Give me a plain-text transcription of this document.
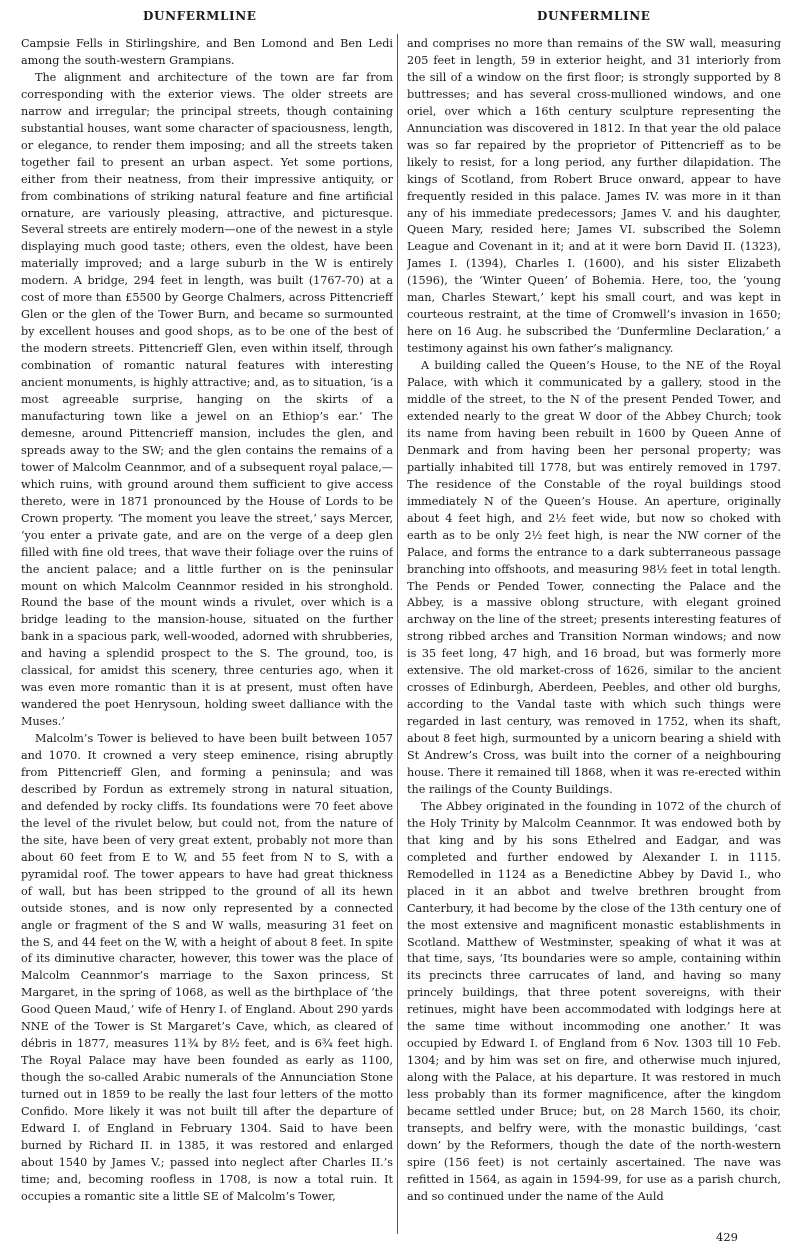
DUNFERMLINE	DUNFERMLINE

Campsie Fells in Stirlingshire, and Ben Lomond and Ben Ledi among the south-western Grampians.

The alignment and architecture of the town are far from corresponding with the exterior views. The older streets are narrow and irregular; the principal streets, though containing substantial houses, want some character of spaciousness, length, or elegance, to render them imposing; and all the streets taken together fail to present an urban aspect. Yet some portions, either from their neatness, from their impressive antiquity, or from combinations of striking natural feature and fine artificial ornature, are variously pleasing, attractive, and picturesque. Several streets are entirely modern—one of the newest in a style displaying much good taste; others, even the oldest, have been materially improved; and a large suburb in the W is entirely modern. A bridge, 294 feet in length, was built (1767-70) at a cost of more than £5500 by George Chalmers, across Pittencrieff Glen or the glen of the Tower Burn, and became so surmounted by excellent houses and good shops, as to be one of the best of the modern streets. Pittencrieff Glen, even within itself, through combination of romantic natural features with interesting ancient monuments, is highly attractive; and, as to situation, ‘is a most agreeable surprise, hanging on the skirts of a manufacturing town like a jewel on an Ethiop’s ear.’ The demesne, around Pittencrieff mansion, includes the glen, and spreads away to the SW; and the glen contains the remains of a tower of Malcolm Ceannmor, and of a subsequent royal palace,—which ruins, with ground around them sufficient to give access thereto, were in 1871 pronounced by the House of Lords to be Crown property. ‘The moment you leave the street,’ says Mercer, ‘you enter a private gate, and are on the verge of a deep glen filled with fine old trees, that wave their foliage over the ruins of the ancient palace; and a little further on is the peninsular mount on which Malcolm Ceannmor resided in his stronghold. Round the base of the mount winds a rivulet, over which is a bridge leading to the mansion-house, situated on the further bank in a spacious park, well-wooded, adorned with shrubberies, and having a splendid prospect to the S. The ground, too, is classical, for amidst this scenery, three centuries ago, when it was even more romantic than it is at present, must often have wandered the poet Henrysoun, holding sweet dalliance with the Muses.’

Malcolm’s Tower is believed to have been built between 1057 and 1070. It crowned a very steep eminence, rising abruptly from Pittencrieff Glen, and forming a peninsula; and was described by Fordun as extremely strong in natural situation, and defended by rocky cliffs. Its foundations were 70 feet above the level of the rivulet below, but could not, from the nature of the site, have been of very great extent, probably not more than about 60 feet from E to W, and 55 feet from N to S, with a pyramidal roof. The tower appears to have had great thickness of wall, but has been stripped to the ground of all its hewn outside stones, and is now only represented by a connected angle or fragment of the S and W walls, measuring 31 feet on the S, and 44 feet on the W, with a height of about 8 feet. In spite of its diminutive character, however, this tower was the place of Malcolm Ceannmor’s marriage to the Saxon princess, St Margaret, in the spring of 1068, as well as the birthplace of ‘the Good Queen Maud,’ wife of Henry I. of England. About 290 yards NNE of the Tower is St Margaret’s Cave, which, as cleared of débris in 1877, measures 11¾ by 8½ feet, and is 6¾ feet high. The Royal Palace may have been founded as early as 1100, though the so-called Arabic numerals of the Annunciation Stone turned out in 1859 to be really the last four letters of the motto Confido. More likely it was not built till after the departure of Edward I. of England in February 1304. Said to have been burned by Richard II. in 1385, it was restored and enlarged about 1540 by James V.; passed into neglect after Charles II.’s time; and, becoming roofless in 1708, is now a total ruin. It occupies a romantic site a little SE of Malcolm’s Tower,

and comprises no more than remains of the SW wall, measuring 205 feet in length, 59 in exterior height, and 31 interiorly from the sill of a window on the first floor; is strongly supported by 8 buttresses; and has several cross-mullioned windows, and one oriel, over which a 16th century sculpture representing the Annunciation was discovered in 1812. In that year the old palace was so far repaired by the proprietor of Pittencrieff as to be likely to resist, for a long period, any further dilapidation. The kings of Scotland, from Robert Bruce onward, appear to have frequently resided in this palace. James IV. was more in it than any of his immediate predecessors; James V. and his daughter, Queen Mary, resided here; James VI. subscribed the Solemn League and Covenant in it; and at it were born David II. (1323), James I. (1394), Charles I. (1600), and his sister Elizabeth (1596), the ‘Winter Queen’ of Bohemia. Here, too, the ‘young man, Charles Stewart,’ kept his small court, and was kept in courteous restraint, at the time of Cromwell’s invasion in 1650; here on 16 Aug. he subscribed the ‘Dunfermline Declaration,’ a testimony against his own father’s malignancy.

A building called the Queen’s House, to the NE of the Royal Palace, with which it communicated by a gallery, stood in the middle of the street, to the N of the present Pended Tower, and extended nearly to the great W door of the Abbey Church; took its name from having been rebuilt in 1600 by Queen Anne of Denmark and from having been her personal property; was partially inhabited till 1778, but was entirely removed in 1797. The residence of the Constable of the royal buildings stood immediately N of the Queen’s House. An aperture, originally about 4 feet high, and 2½ feet wide, but now so choked with earth as to be only 2½ feet high, is near the NW corner of the Palace, and forms the entrance to a dark subterraneous passage branching into offshoots, and measuring 98½ feet in total length. The Pends or Pended Tower, connecting the Palace and the Abbey, is a massive oblong structure, with elegant groined archway on the line of the street; presents interesting features of strong ribbed arches and Transition Norman windows; and now is 35 feet long, 47 high, and 16 broad, but was formerly more extensive. The old market-cross of 1626, similar to the ancient crosses of Edinburgh, Aberdeen, Peebles, and other old burghs, according to the Vandal taste with which such things were regarded in last century, was removed in 1752, when its shaft, about 8 feet high, surmounted by a unicorn bearing a shield with St Andrew’s Cross, was built into the corner of a neighbouring house. There it remained till 1868, when it was re-erected within the railings of the County Buildings.

The Abbey originated in the founding in 1072 of the church of the Holy Trinity by Malcolm Ceannmor. It was endowed both by that king and by his sons Ethelred and Eadgar, and was completed and further endowed by Alexander I. in 1115. Remodelled in 1124 as a Benedictine Abbey by David I., who placed in it an abbot and twelve brethren brought from Canterbury, it had become by the close of the 13th century one of the most extensive and magnificent monastic establishments in Scotland. Matthew of Westminster, speaking of what it was at that time, says, ‘Its boundaries were so ample, containing within its precincts three carrucates of land, and having so many princely buildings, that three potent sovereigns, with their retinues, might have been accommodated with lodgings here at the same time without incommoding one another.’ It was occupied by Edward I. of England from 6 Nov. 1303 till 10 Feb. 1304; and by him was set on fire, and otherwise much injured, along with the Palace, at his departure. It was restored in much less probably than its former magnificence, after the kingdom became settled under Bruce; but, on 28 March 1560, its choir, transepts, and belfry were, with the monastic buildings, ‘cast down’ by the Reformers, though the date of the north-western spire (156 feet) is not certainly ascertained. The nave was refitted in 1564, as again in 1594-99, for use as a parish church, and so continued under the name of the Auld

429
